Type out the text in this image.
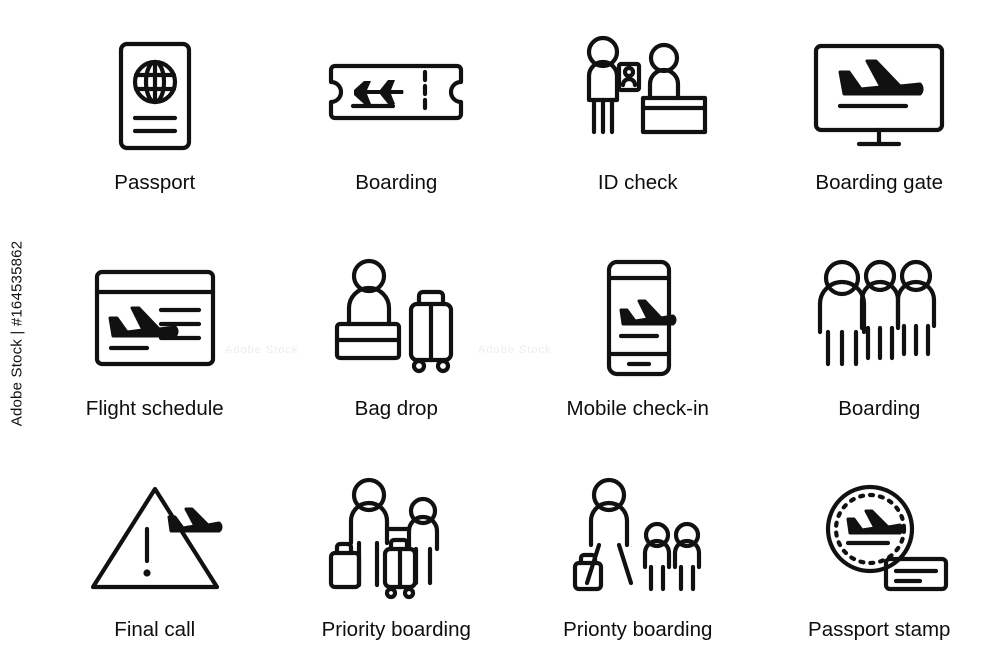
Adobe Stock | #164535862	Adobe Stock	Adobe Stock
Passport	Boarding	ID check	Boarding gate
Flight schedule	Bag drop	Mobile check-in	Boarding
Final call	Priority boarding	Prionty boarding	Passport stamp
